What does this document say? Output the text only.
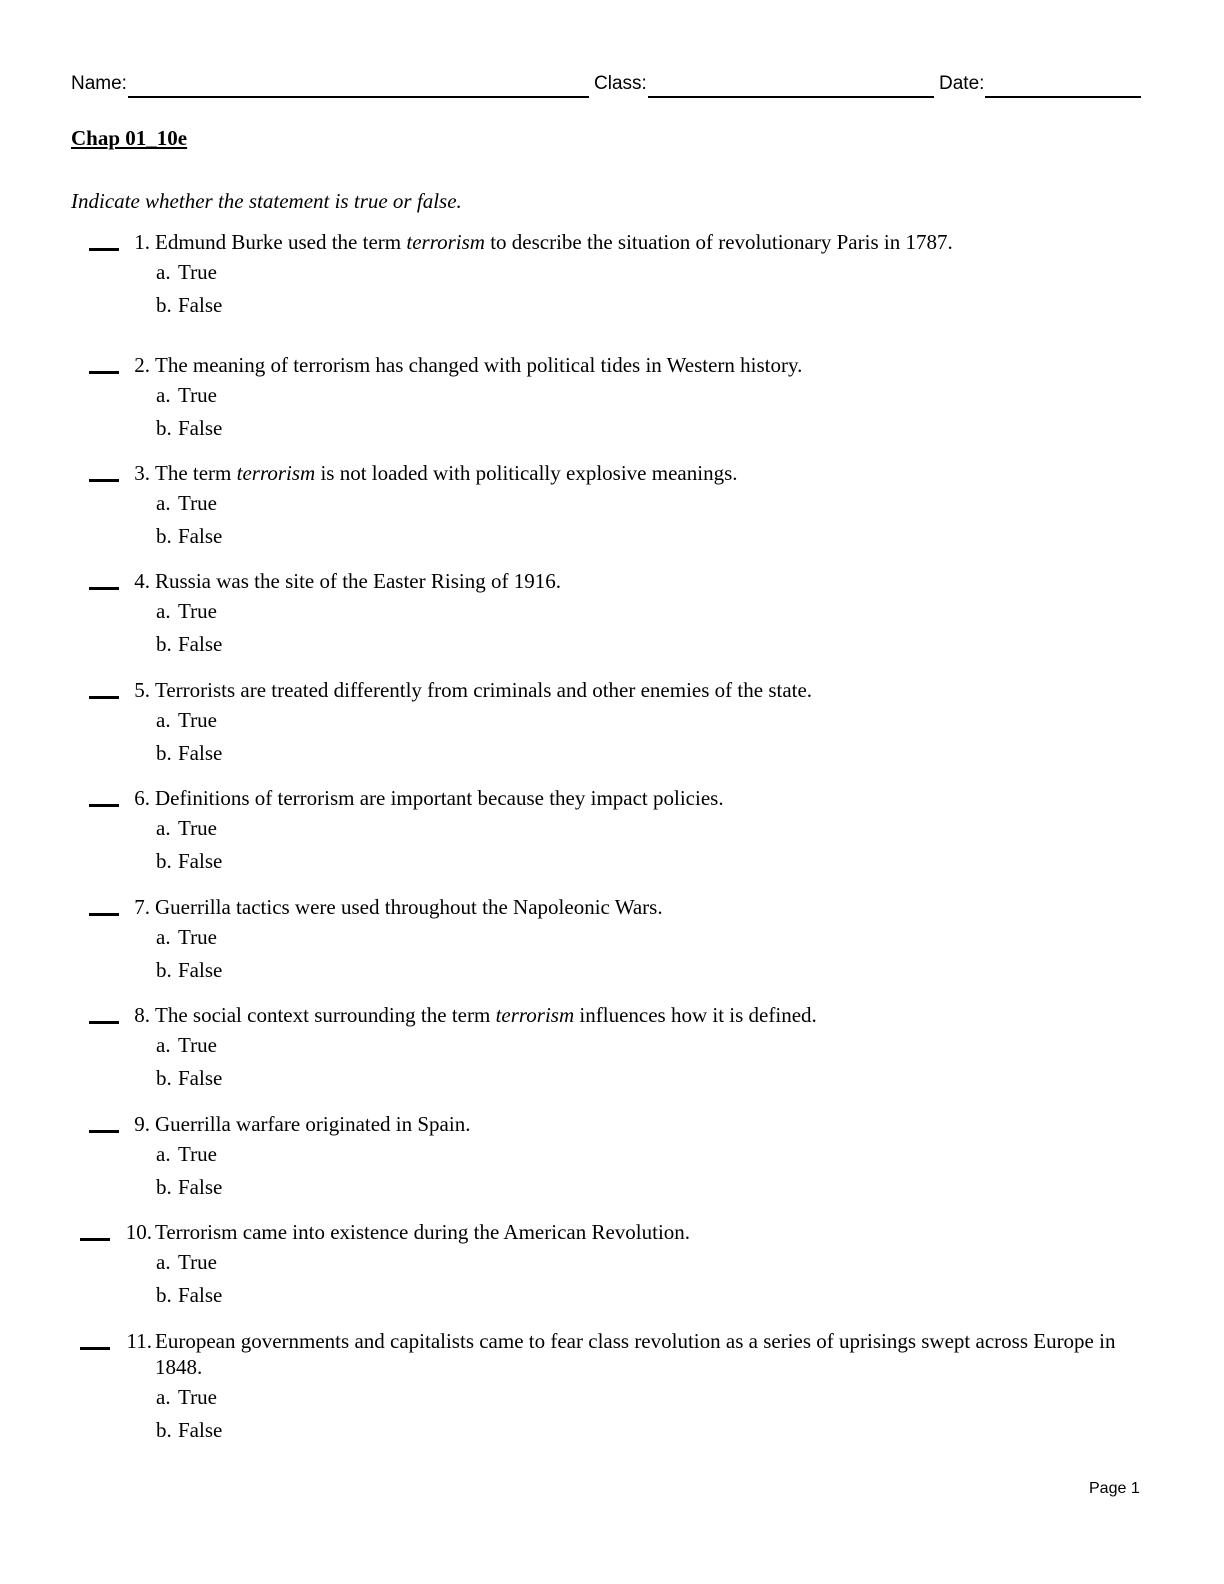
Name:	Class:	Date:
Chap 01_10e
Indicate whether the statement is true or false.
1. Edmund Burke used the term terrorism to describe the situation of revolutionary Paris in 1787.
a. True
b. False
2. The meaning of terrorism has changed with political tides in Western history.
a. True
b. False
3. The term terrorism is not loaded with politically explosive meanings.
a. True
b. False
4. Russia was the site of the Easter Rising of 1916.
a. True
b. False
5. Terrorists are treated differently from criminals and other enemies of the state.
a. True
b. False
6. Definitions of terrorism are important because they impact policies.
a. True
b. False
7. Guerrilla tactics were used throughout the Napoleonic Wars.
a. True
b. False
8. The social context surrounding the term terrorism influences how it is defined.
a. True
b. False
9. Guerrilla warfare originated in Spain.
a. True
b. False
10. Terrorism came into existence during the American Revolution.
a. True
b. False
11. European governments and capitalists came to fear class revolution as a series of uprisings swept across Europe in 1848.
a. True
b. False
Page 1
